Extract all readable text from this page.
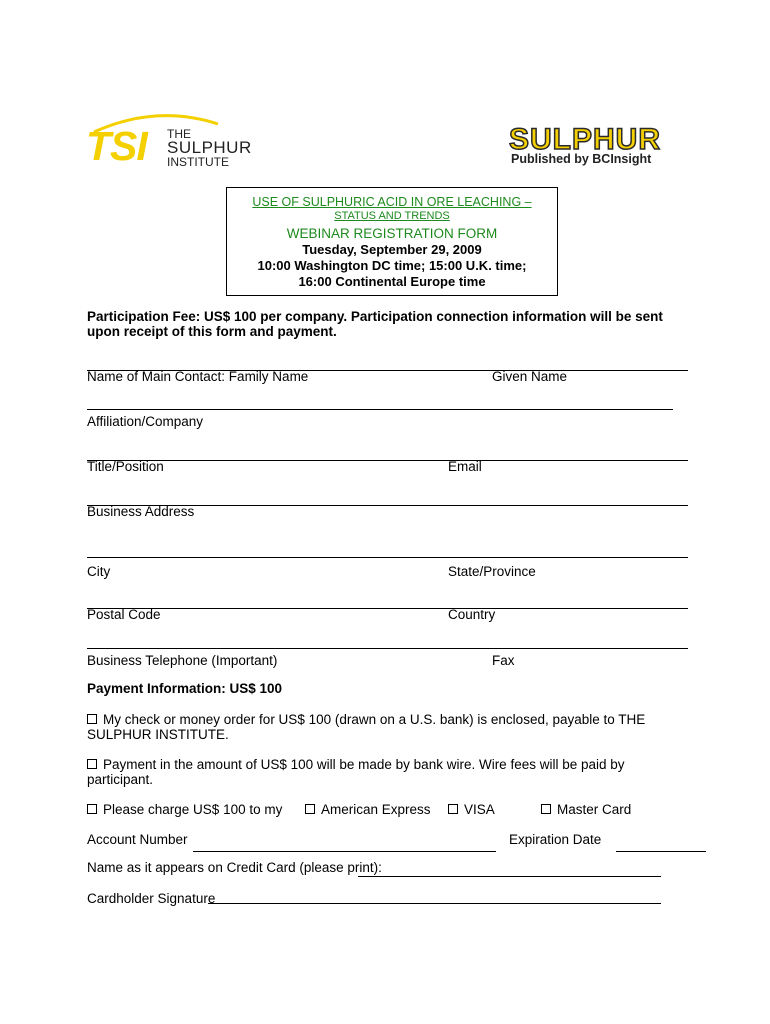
TSI THE
SULPHUR
INSTITUTE
SULPHUR
Published by BCInsight
USE OF SULPHURIC ACID IN ORE LEACHING –
STATUS AND TRENDS
WEBINAR REGISTRATION FORM
Tuesday, September 29, 2009
10:00 Washington DC time; 15:00 U.K. time;
16:00 Continental Europe time
Participation Fee: US$ 100 per company. Participation connection information will be sent
upon receipt of this form and payment.
Name of Main Contact: Family Name	Given Name
Affiliation/Company
Title/Position	Email
Business Address
City	State/Province
Postal Code	Country
Business Telephone (Important)	Fax
Payment Information: US$ 100
My check or money order for US$ 100 (drawn on a U.S. bank) is enclosed, payable to THE
SULPHUR INSTITUTE.
Payment in the amount of US$ 100 will be made by bank wire. Wire fees will be paid by
participant.
Please charge US$ 100 to my	American Express	VISA	Master Card
Account Number	Expiration Date
Name as it appears on Credit Card (please print):
Cardholder Signature
